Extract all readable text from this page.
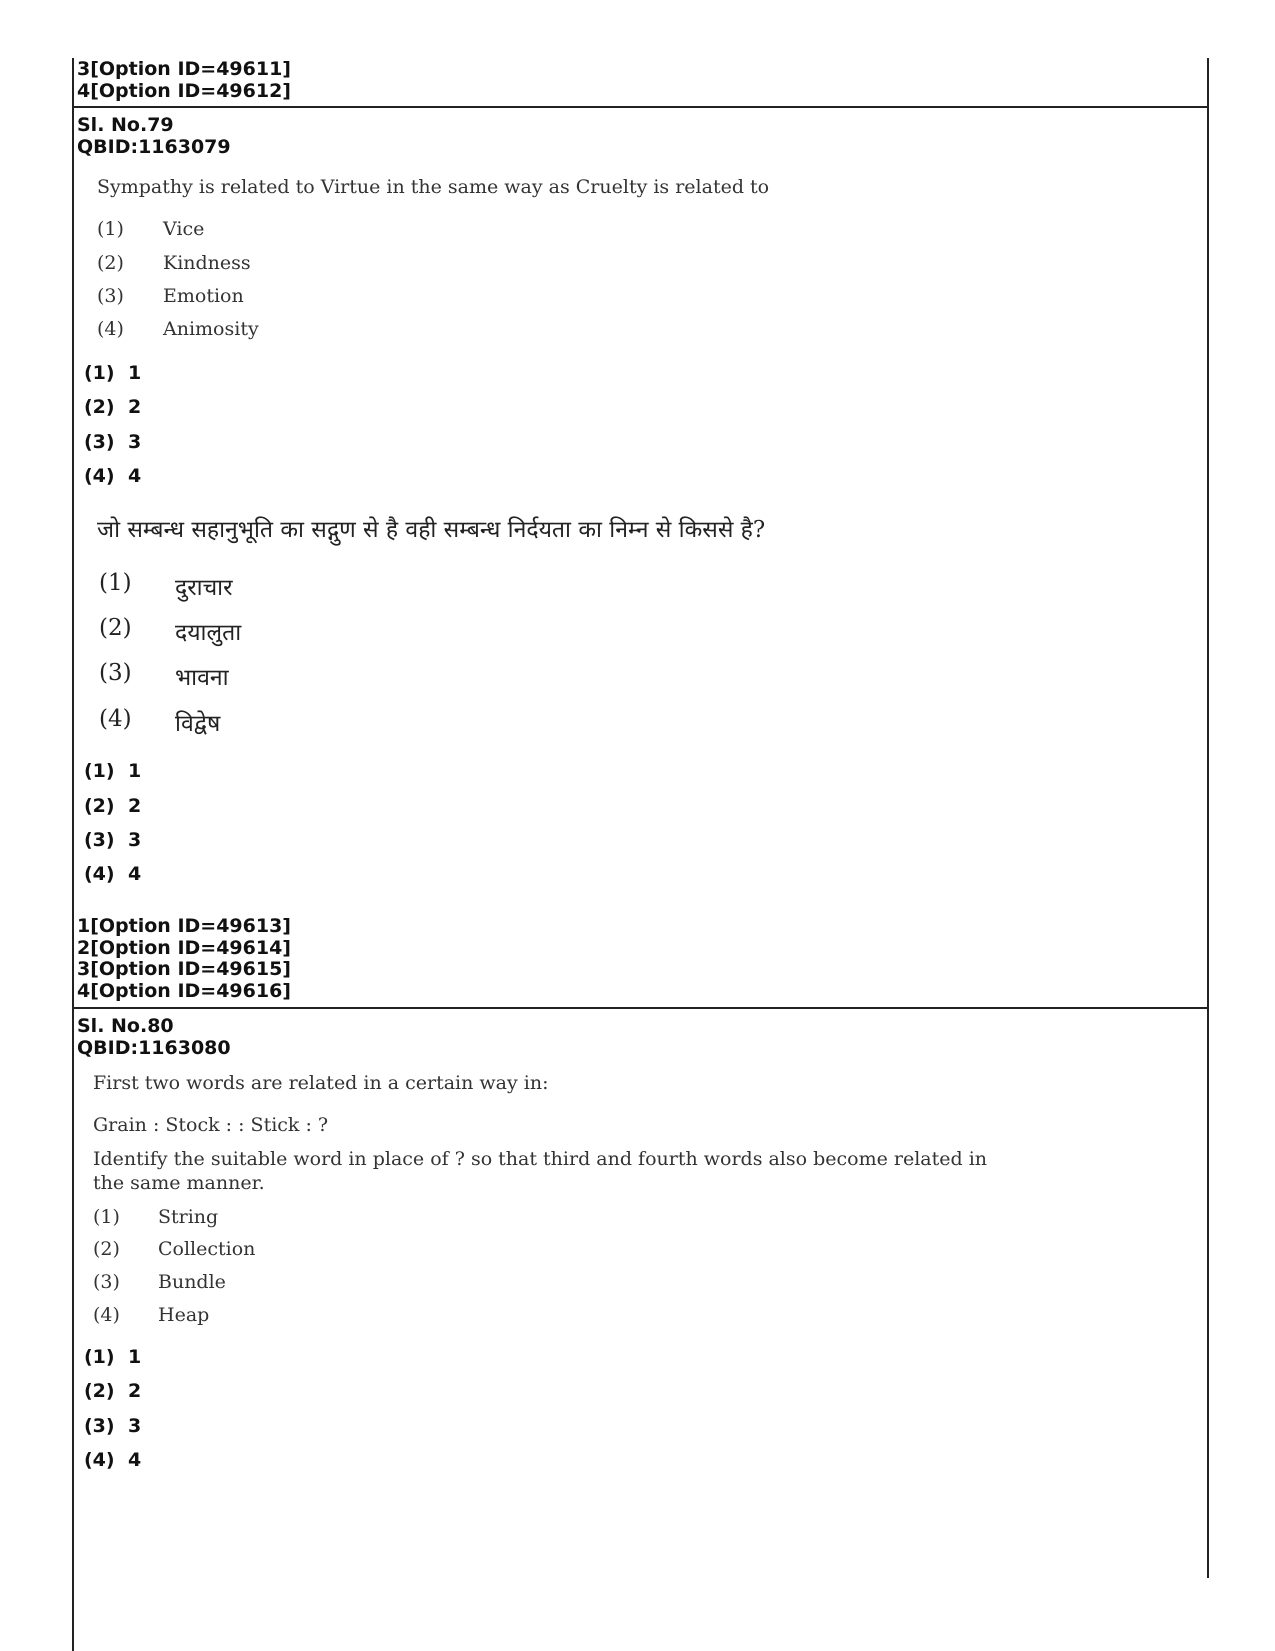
3[Option ID=49611]
4[Option ID=49612]
Sl. No.79
QBID:1163079
Sympathy is related to Virtue in the same way as Cruelty is related to
(1) Vice
(2) Kindness
(3) Emotion
(4) Animosity
(1) 1
(2) 2
(3) 3
(4) 4
जो सम्बन्ध सहानुभूति का सद्गुण से है वही सम्बन्ध निर्दयता का निम्न से किससे है?
(1) दुराचार
(2) दयालुता
(3) भावना
(4) विद्वेष
(1) 1
(2) 2
(3) 3
(4) 4
1[Option ID=49613]
2[Option ID=49614]
3[Option ID=49615]
4[Option ID=49616]
Sl. No.80
QBID:1163080
First two words are related in a certain way in:
Grain : Stock : : Stick : ?
Identify the suitable word in place of ? so that third and fourth words also become related in
the same manner.
(1) String
(2) Collection
(3) Bundle
(4) Heap
(1) 1
(2) 2
(3) 3
(4) 4
